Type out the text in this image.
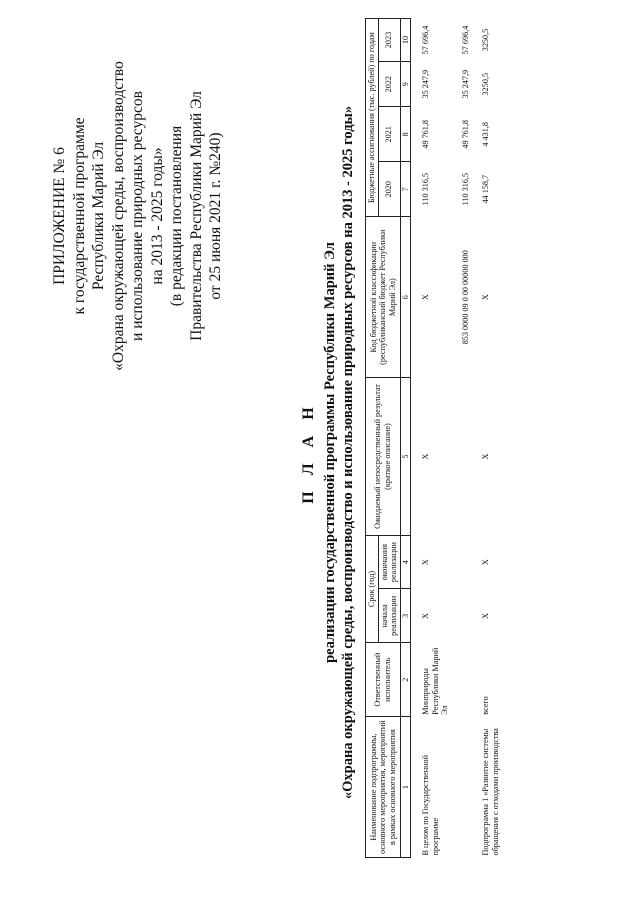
ПРИЛОЖЕНИЕ № 6 к государственной программе Республики Марий Эл «Охрана окружающей среды, воспроизводство и использование природных ресурсов на 2013 - 2025 годы» (в редакции постановления Правительства Республики Марий Эл от 25 июня 2021 г. №240)
П Л А Н реализации государственной программы Республики Марий Эл «Охрана окружающей среды, воспроизводство и использование природных ресурсов на 2013 - 2025 годы» Наименование подпрограммы, основного мероприятия, мероприятий в рамках основного мероприятия	Ответственный исполнитель	Срок (год)		Ожидаемый непосредственный результат (краткое описание)	Код бюджетной классификации (республиканский бюджет Республики Марий Эл)	Бюджетные ассигнования (тыс. рублей) по годам			
		начала реализации	окончания реализации			2020	2021	2022	2023
1	2	3	4	5	6	7	8	9	10
В целом по Государственной программе	Минприроды Республики Марий Эл	Х	Х	Х	Х	110 316,5	49 761,8	35 247,9	57 696,4
					853 0000 09 0 00 00000 000	110 316,5	49 761,8	35 247,9	57 696,4
Подпрограмма 1 «Развитие системы обращения с отходами производства	всего	Х	Х	Х	Х	44 158,7	4 431,8	3250,5	3250,5
